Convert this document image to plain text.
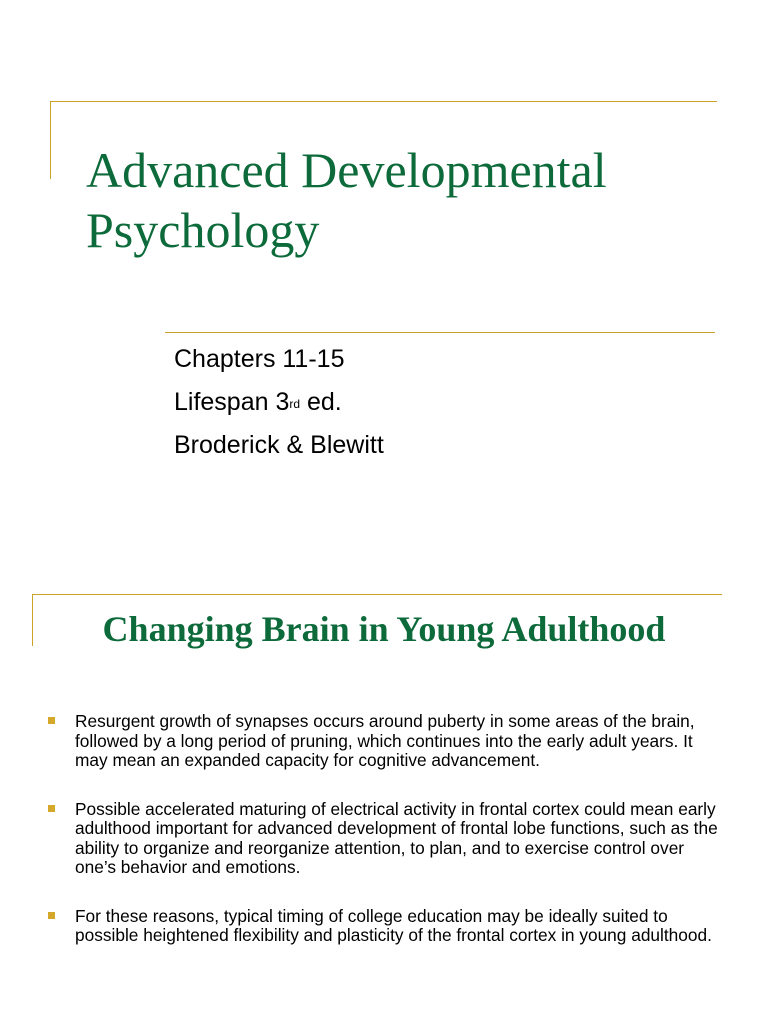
Advanced Developmental Psychology
Chapters 11-15
Lifespan 3rd ed.
Broderick & Blewitt
Changing Brain in Young Adulthood
Resurgent growth of synapses occurs around puberty in some areas of the brain, followed by a long period of pruning, which continues into the early adult years. It may mean an expanded capacity for cognitive advancement.
Possible accelerated maturing of electrical activity in frontal cortex could mean early adulthood important for advanced development of frontal lobe functions, such as the ability to organize and reorganize attention, to plan, and to exercise control over one’s behavior and emotions.
For these reasons, typical timing of college education may be ideally suited to possible heightened flexibility and plasticity of the frontal cortex in young adulthood.
